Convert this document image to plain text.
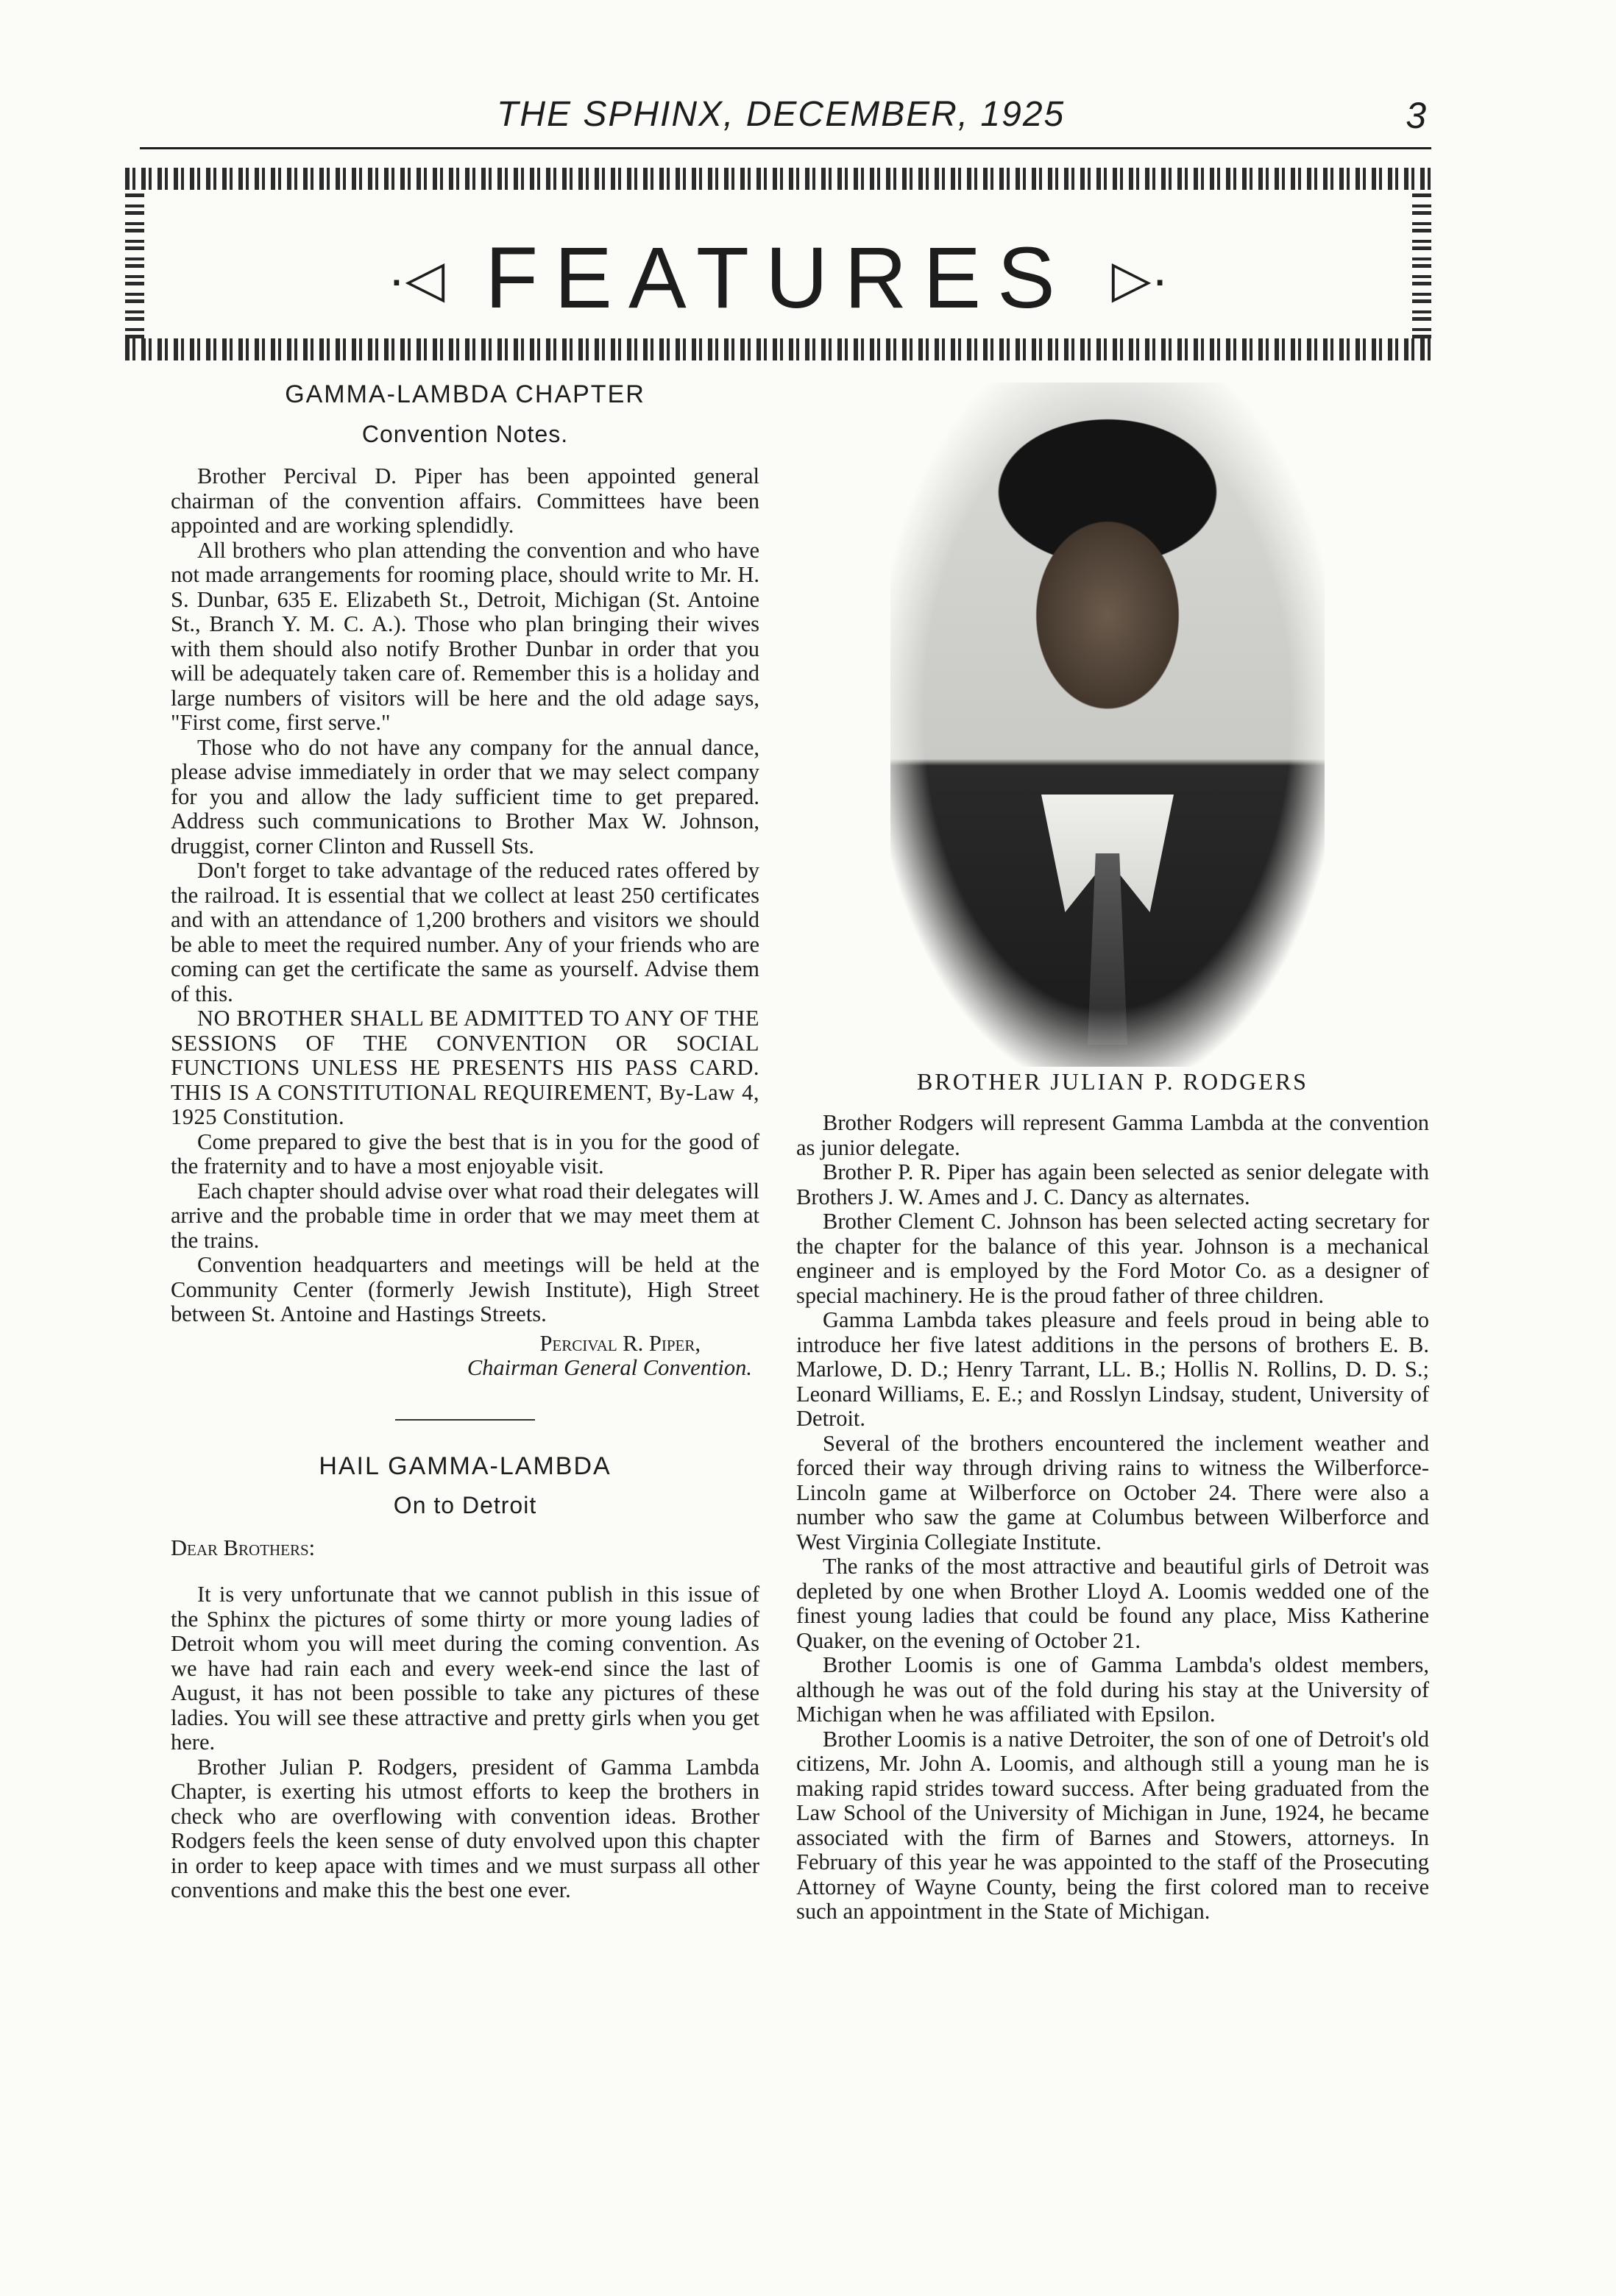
THE SPHINX, DECEMBER, 1925	3
·◁ FEATURES ▷·
GAMMA-LAMBDA CHAPTER
Convention Notes.

Brother Percival D. Piper has been appointed general chairman of the convention affairs. Committees have been appointed and are working splendidly.

All brothers who plan attending the convention and who have not made arrangements for rooming place, should write to Mr. H. S. Dunbar, 635 E. Elizabeth St., Detroit, Michigan (St. Antoine St., Branch Y. M. C. A.). Those who plan bringing their wives with them should also notify Brother Dunbar in order that you will be adequately taken care of. Remember this is a holiday and large numbers of visitors will be here and the old adage says, "First come, first serve."

Those who do not have any company for the annual dance, please advise immediately in order that we may select company for you and allow the lady sufficient time to get prepared. Address such communications to Brother Max W. Johnson, druggist, corner Clinton and Russell Sts.

Don't forget to take advantage of the reduced rates offered by the railroad. It is essential that we collect at least 250 certificates and with an attendance of 1,200 brothers and visitors we should be able to meet the required number. Any of your friends who are coming can get the certificate the same as yourself. Advise them of this.

NO BROTHER SHALL BE ADMITTED TO ANY OF THE SESSIONS OF THE CONVENTION OR SOCIAL FUNCTIONS UNLESS HE PRESENTS HIS PASS CARD. THIS IS A CONSTITUTIONAL REQUIREMENT, By-Law 4, 1925 Constitution.

Come prepared to give the best that is in you for the good of the fraternity and to have a most enjoyable visit.

Each chapter should advise over what road their delegates will arrive and the probable time in order that we may meet them at the trains.

Convention headquarters and meetings will be held at the Community Center (formerly Jewish Institute), High Street between St. Antoine and Hastings Streets.

Percival R. Piper,
Chairman General Convention.
HAIL GAMMA-LAMBDA
On to Detroit

Dear Brothers:

It is very unfortunate that we cannot publish in this issue of the Sphinx the pictures of some thirty or more young ladies of Detroit whom you will meet during the coming convention. As we have had rain each and every week-end since the last of August, it has not been possible to take any pictures of these ladies. You will see these attractive and pretty girls when you get here.

Brother Julian P. Rodgers, president of Gamma Lambda Chapter, is exerting his utmost efforts to keep the brothers in check who are overflowing with convention ideas. Brother Rodgers feels the keen sense of duty envolved upon this chapter in order to keep apace with times and we must surpass all other conventions and make this the best one ever.

BROTHER JULIAN P. RODGERS

Brother Rodgers will represent Gamma Lambda at the convention as junior delegate.

Brother P. R. Piper has again been selected as senior delegate with Brothers J. W. Ames and J. C. Dancy as alternates.

Brother Clement C. Johnson has been selected acting secretary for the chapter for the balance of this year. Johnson is a mechanical engineer and is employed by the Ford Motor Co. as a designer of special machinery. He is the proud father of three children.

Gamma Lambda takes pleasure and feels proud in being able to introduce her five latest additions in the persons of brothers E. B. Marlowe, D. D.; Henry Tarrant, LL. B.; Hollis N. Rollins, D. D. S.; Leonard Williams, E. E.; and Rosslyn Lindsay, student, University of Detroit.

Several of the brothers encountered the inclement weather and forced their way through driving rains to witness the Wilberforce-Lincoln game at Wilberforce on October 24. There were also a number who saw the game at Columbus between Wilberforce and West Virginia Collegiate Institute.

The ranks of the most attractive and beautiful girls of Detroit was depleted by one when Brother Lloyd A. Loomis wedded one of the finest young ladies that could be found any place, Miss Katherine Quaker, on the evening of October 21.

Brother Loomis is one of Gamma Lambda's oldest members, although he was out of the fold during his stay at the University of Michigan when he was affiliated with Epsilon.

Brother Loomis is a native Detroiter, the son of one of Detroit's old citizens, Mr. John A. Loomis, and although still a young man he is making rapid strides toward success. After being graduated from the Law School of the University of Michigan in June, 1924, he became associated with the firm of Barnes and Stowers, attorneys. In February of this year he was appointed to the staff of the Prosecuting Attorney of Wayne County, being the first colored man to receive such an appointment in the State of Michigan.
